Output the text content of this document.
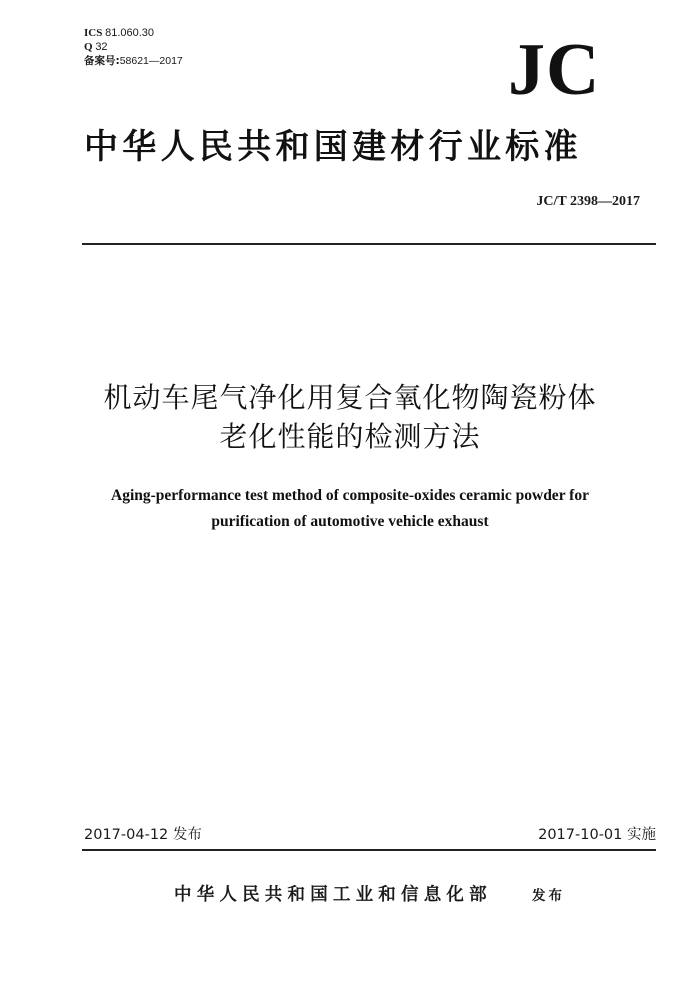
ICS 81.060.30
Q 32
备案号:58621—2017	JC
中华人民共和国建材行业标准
JC/T 2398—2017
机动车尾气净化用复合氧化物陶瓷粉体
老化性能的检测方法
Aging-performance test method of composite-oxides ceramic powder for
purification of automotive vehicle exhaust
2017-04-12 发布	2017-10-01 实施
中华人民共和国工业和信息化部	发布
